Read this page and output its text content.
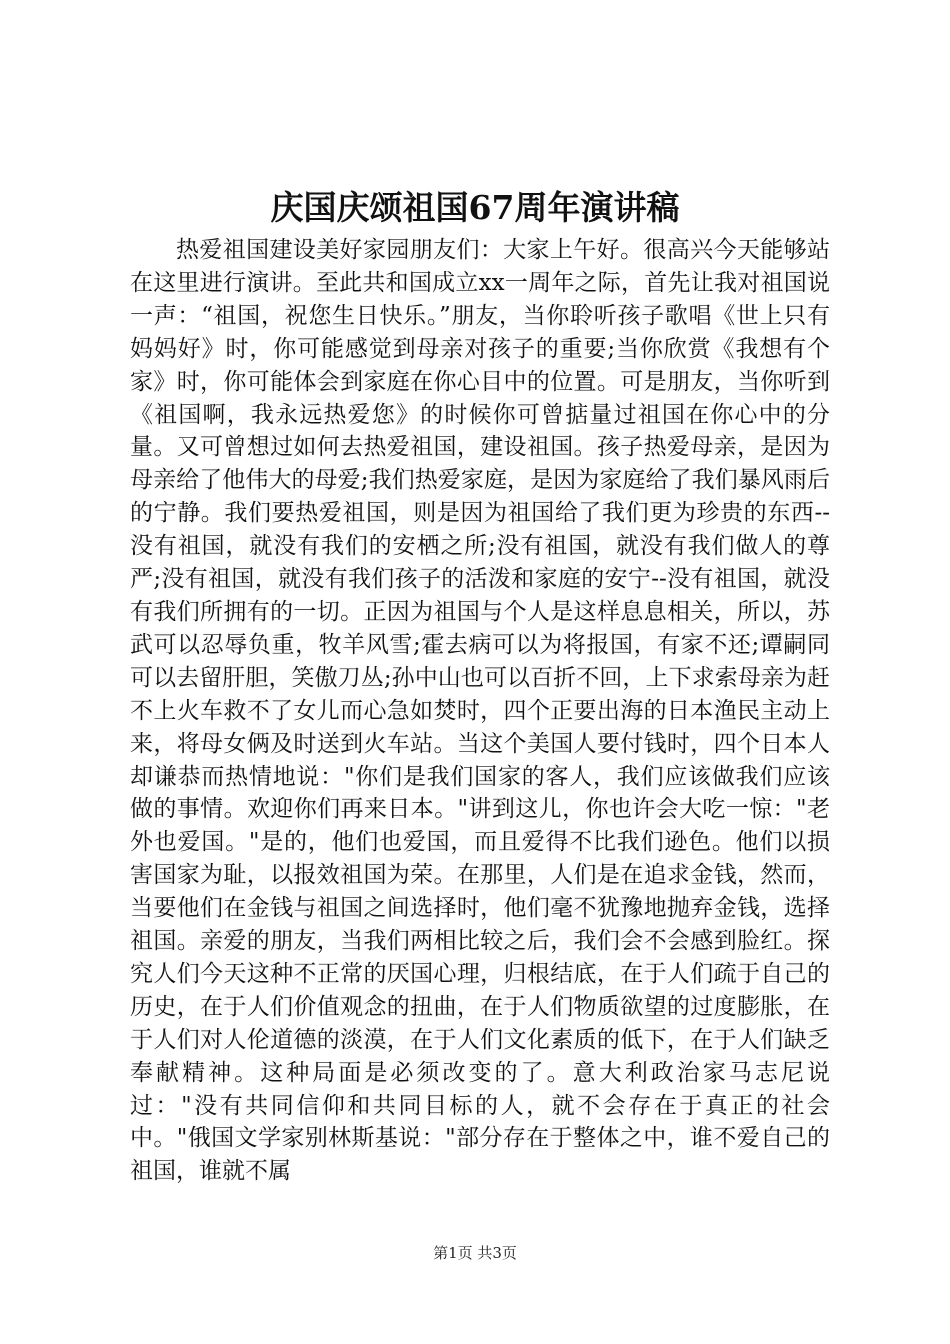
庆国庆颂祖国67周年演讲稿

热爱祖国建设美好家园朋友们：大家上午好。很高兴今天能够站在这里进行演讲。至此共和国成立xx一周年之际，首先让我对祖国说一声：“祖国，祝您生日快乐。”朋友，当你聆听孩子歌唱《世上只有妈妈好》时，你可能感觉到母亲对孩子的重要;当你欣赏《我想有个家》时，你可能体会到家庭在你心目中的位置。可是朋友，当你听到《祖国啊，我永远热爱您》的时候你可曾掂量过祖国在你心中的分量。又可曾想过如何去热爱祖国，建设祖国。孩子热爱母亲，是因为母亲给了他伟大的母爱;我们热爱家庭，是因为家庭给了我们暴风雨后的宁静。我们要热爱祖国，则是因为祖国给了我们更为珍贵的东西--没有祖国，就没有我们的安栖之所;没有祖国，就没有我们做人的尊严;没有祖国，就没有我们孩子的活泼和家庭的安宁--没有祖国，就没有我们所拥有的一切。正因为祖国与个人是这样息息相关，所以，苏武可以忍辱负重，牧羊风雪;霍去病可以为将报国，有家不还;谭嗣同可以去留肝胆，笑傲刀丛;孙中山也可以百折不回，上下求索母亲为赶不上火车救不了女儿而心急如焚时，四个正要出海的日本渔民主动上来，将母女俩及时送到火车站。当这个美国人要付钱时，四个日本人却谦恭而热情地说："你们是我们国家的客人，我们应该做我们应该做的事情。欢迎你们再来日本。"讲到这儿，你也许会大吃一惊："老外也爱国。"是的，他们也爱国，而且爱得不比我们逊色。他们以损害国家为耻，以报效祖国为荣。在那里，人们是在追求金钱，然而，当要他们在金钱与祖国之间选择时，他们毫不犹豫地抛弃金钱，选择祖国。亲爱的朋友，当我们两相比较之后，我们会不会感到脸红。探究人们今天这种不正常的厌国心理，归根结底，在于人们疏于自己的历史，在于人们价值观念的扭曲，在于人们物质欲望的过度膨胀，在于人们对人伦道德的淡漠，在于人们文化素质的低下，在于人们缺乏奉献精神。这种局面是必须改变的了。意大利政治家马志尼说过："没有共同信仰和共同目标的人，就不会存在于真正的社会中。"俄国文学家别林斯基说："部分存在于整体之中，谁不爱自己的祖国，谁就不属

第1页 共3页
